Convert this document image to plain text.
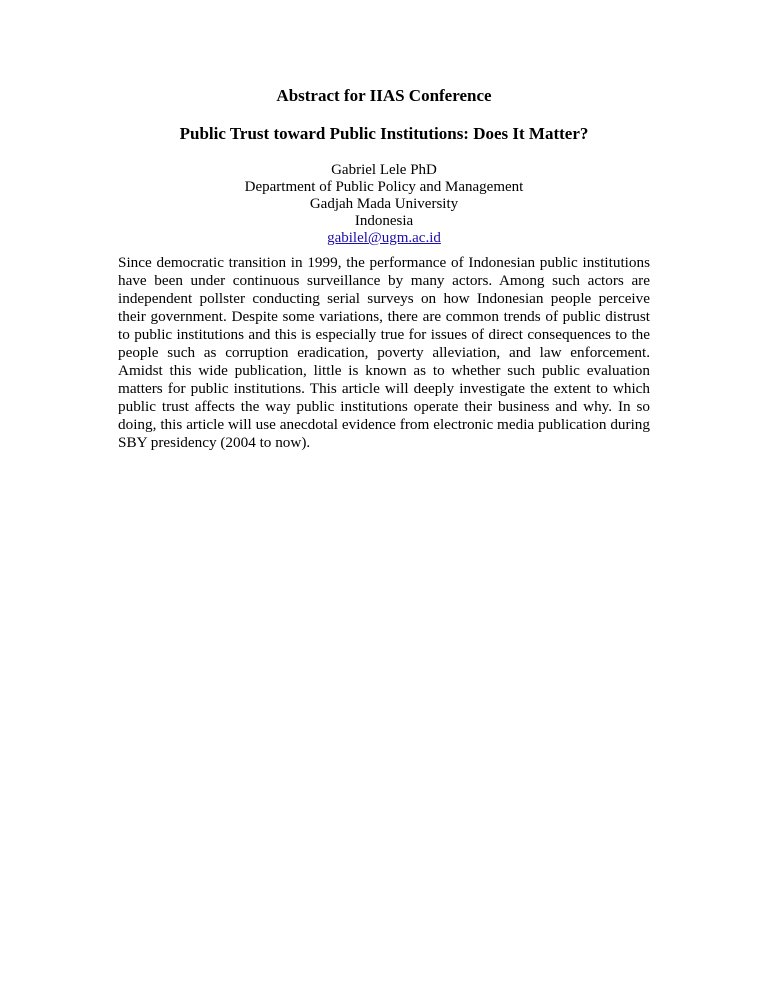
Abstract for IIAS Conference
Public Trust toward Public Institutions: Does It Matter?
Gabriel Lele PhD
Department of Public Policy and Management
Gadjah Mada University
Indonesia
gabilel@ugm.ac.id

Since democratic transition in 1999, the performance of Indonesian public institutions have been under continuous surveillance by many actors. Among such actors are independent pollster conducting serial surveys on how Indonesian people perceive their government. Despite some variations, there are common trends of public distrust to public institutions and this is especially true for issues of direct consequences to the people such as corruption eradication, poverty alleviation, and law enforcement. Amidst this wide publication, little is known as to whether such public evaluation matters for public institutions. This article will deeply investigate the extent to which public trust affects the way public institutions operate their business and why. In so doing, this article will use anecdotal evidence from electronic media publication during SBY presidency (2004 to now).
